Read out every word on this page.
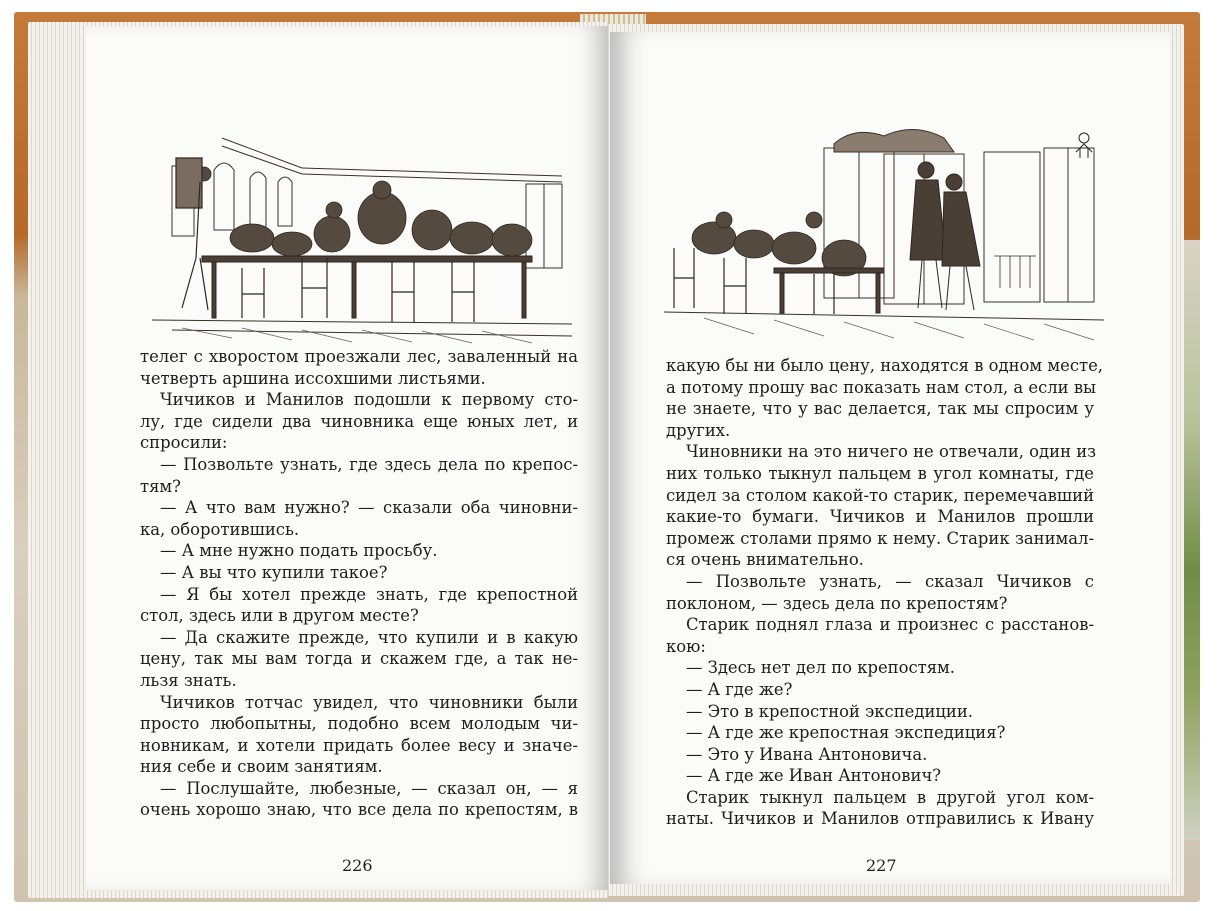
телег с хворостом проезжали лес, заваленный на
четверть аршина иссохшими листьями.
Чичиков и Манилов подошли к первому сто-
лу, где сидели два чиновника еще юных лет, и
спросили:
— Позвольте узнать, где здесь дела по крепос-
тям?
— А что вам нужно? — сказали оба чиновни-
ка, оборотившись.
— А мне нужно подать просьбу.
— А вы что купили такое?
— Я бы хотел прежде знать, где крепостной
стол, здесь или в другом месте?
— Да скажите прежде, что купили и в какую
цену, так мы вам тогда и скажем где, а так не-
льзя знать.
Чичиков тотчас увидел, что чиновники были
просто любопытны, подобно всем молодым чи-
новникам, и хотели придать более весу и значе-
ния себе и своим занятиям.
— Послушайте, любезные, — сказал он, — я
очень хорошо знаю, что все дела по крепостям, в
226
какую бы ни было цену, находятся в одном месте,
а потому прошу вас показать нам стол, а если вы
не знаете, что у вас делается, так мы спросим у
других.
Чиновники на это ничего не отвечали, один из
них только тыкнул пальцем в угол комнаты, где
сидел за столом какой-то старик, перемечавший
какие-то бумаги. Чичиков и Манилов прошли
промеж столами прямо к нему. Старик занимал-
ся очень внимательно.
— Позвольте узнать, — сказал Чичиков с
поклоном, — здесь дела по крепостям?
Старик поднял глаза и произнес с расстанов-
кою:
— Здесь нет дел по крепостям.
— А где же?
— Это в крепостной экспедиции.
— А где же крепостная экспедиция?
— Это у Ивана Антоновича.
— А где же Иван Антонович?
Старик тыкнул пальцем в другой угол ком-
наты. Чичиков и Манилов отправились к Ивану
227
